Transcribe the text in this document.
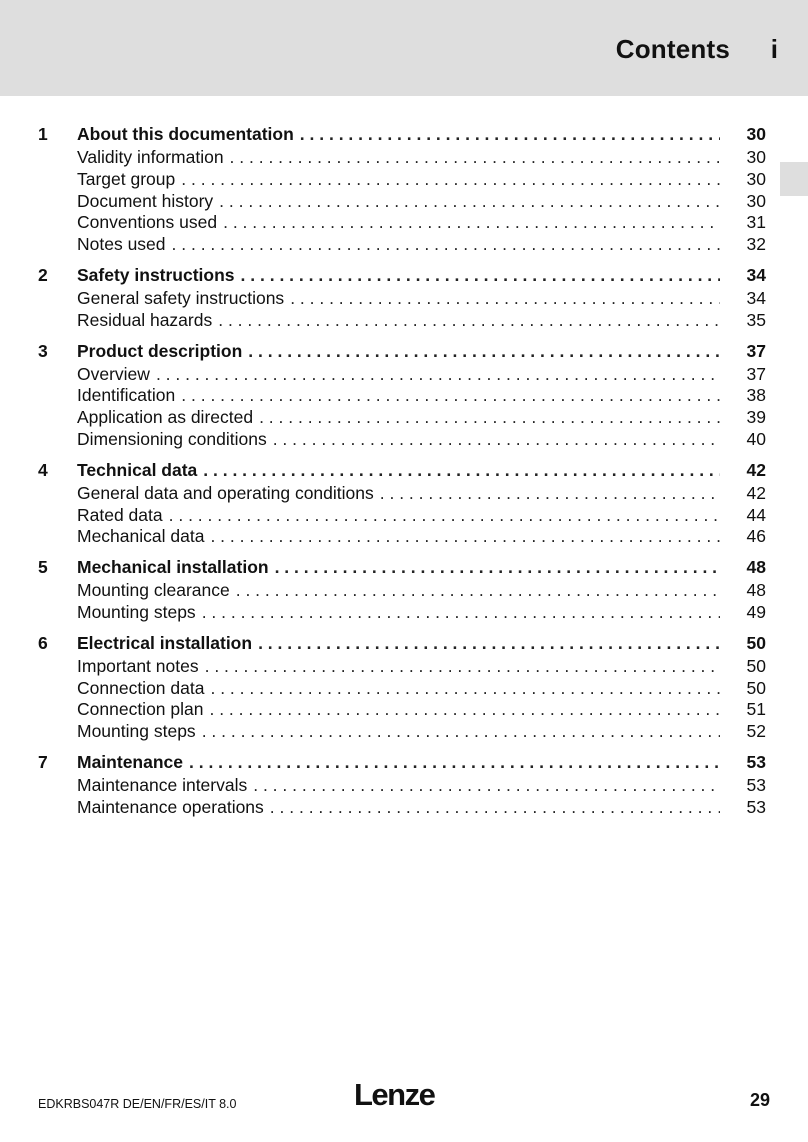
Contents i
1 About this documentation . . .	30
Validity information . . .	30
Target group . . .	30
Document history . . .	30
Conventions used . . .	31
Notes used . . .	32
2 Safety instructions . . .	34
General safety instructions . . .	34
Residual hazards . . .	35
3 Product description . . .	37
Overview . . .	37
Identification . . .	38
Application as directed . . .	39
Dimensioning conditions . . .	40
4 Technical data . . .	42
General data and operating conditions . . .	42
Rated data . . .	44
Mechanical data . . .	46
5 Mechanical installation . . .	48
Mounting clearance . . .	48
Mounting steps . . .	49
6 Electrical installation . . .	50
Important notes . . .	50
Connection data . . .	50
Connection plan . . .	51
Mounting steps . . .	52
7 Maintenance . . .	53
Maintenance intervals . . .	53
Maintenance operations . . .	53
EDKRBS047R DE/EN/FR/ES/IT 8.0	Lenze	29
